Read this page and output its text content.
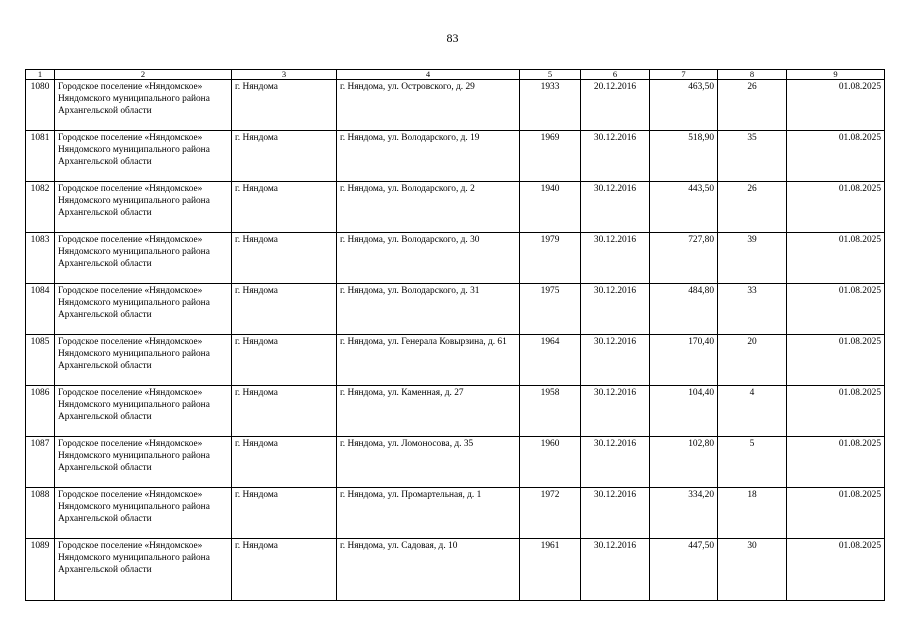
83
1	2	3	4	5	6	7	8	9
1080	Городское поселение «Няндомское» Няндомского муниципального района Архангельской области	г. Няндома	г. Няндома, ул. Островского, д. 29	1933	20.12.2016	463,50	26	01.08.2025
1081	Городское поселение «Няндомское» Няндомского муниципального района Архангельской области	г. Няндома	г. Няндома, ул. Володарского, д. 19	1969	30.12.2016	518,90	35	01.08.2025
1082	Городское поселение «Няндомское» Няндомского муниципального района Архангельской области	г. Няндома	г. Няндома, ул. Володарского, д. 2	1940	30.12.2016	443,50	26	01.08.2025
1083	Городское поселение «Няндомское» Няндомского муниципального района Архангельской области	г. Няндома	г. Няндома, ул. Володарского, д. 30	1979	30.12.2016	727,80	39	01.08.2025
1084	Городское поселение «Няндомское» Няндомского муниципального района Архангельской области	г. Няндома	г. Няндома, ул. Володарского, д. 31	1975	30.12.2016	484,80	33	01.08.2025
1085	Городское поселение «Няндомское» Няндомского муниципального района Архангельской области	г. Няндома	г. Няндома, ул. Генерала Ковырзина, д. 61	1964	30.12.2016	170,40	20	01.08.2025
1086	Городское поселение «Няндомское» Няндомского муниципального района Архангельской области	г. Няндома	г. Няндома, ул. Каменная, д. 27	1958	30.12.2016	104,40	4	01.08.2025
1087	Городское поселение «Няндомское» Няндомского муниципального района Архангельской области	г. Няндома	г. Няндома, ул. Ломоносова, д. 35	1960	30.12.2016	102,80	5	01.08.2025
1088	Городское поселение «Няндомское» Няндомского муниципального района Архангельской области	г. Няндома	г. Няндома, ул. Промартельная, д. 1	1972	30.12.2016	334,20	18	01.08.2025
1089	Городское поселение «Няндомское» Няндомского муниципального района Архангельской области	г. Няндома	г. Няндома, ул. Садовая, д. 10	1961	30.12.2016	447,50	30	01.08.2025
